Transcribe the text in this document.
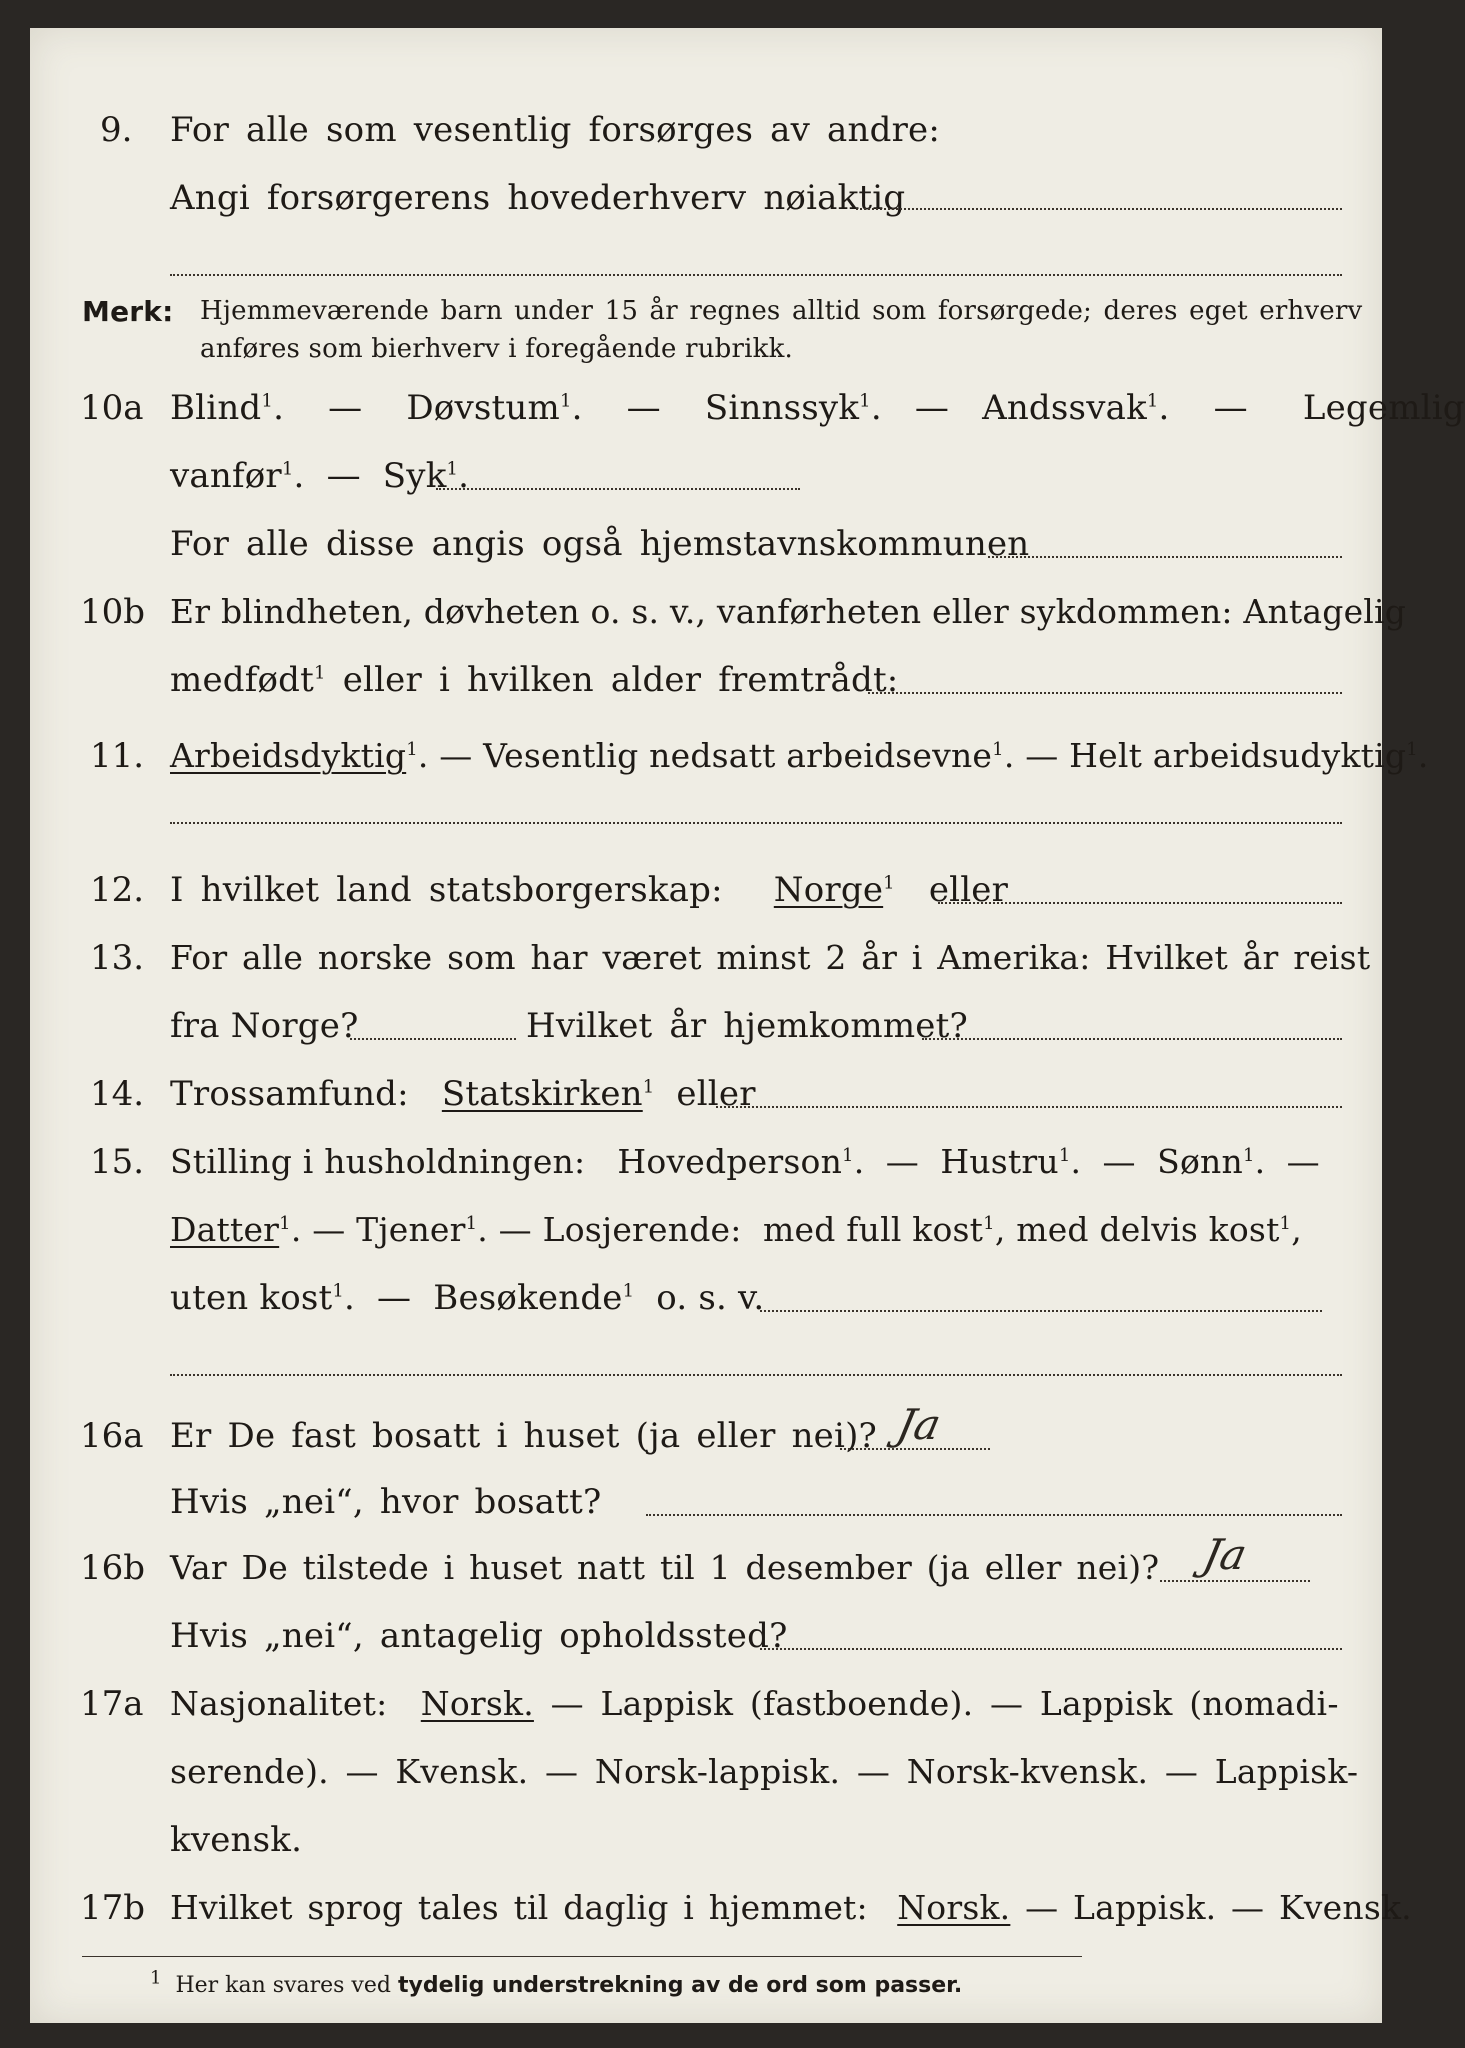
9. For alle som vesentlig forsørges av andre:
Angi forsørgerens hovederhverv nøiaktig
Merk: Hjemmeværende barn under 15 år regnes alltid som forsørgede; deres eget erhverv
anføres som bierhverv i foregående rubrikk.
10a Blind$^1$.    —    Døvstum$^1$.    —    Sinnssyk$^1$.   —   Andssvak$^1$.    —     Legemlig
vanfør$^1$.  —  Syk$^1$.
For alle disse angis også hjemstavnskommunen
10b Er blindheten, døvheten o. s. v., vanførheten eller sykdommen: Antagelig
medfødt$^1$ eller i hvilken alder fremtrådt:
11. Arbeidsdyktig$^1$. — Vesentlig nedsatt arbeidsevne$^1$. — Helt arbeidsudyktig$^1$.
12. I hvilket land statsborgerskap: Norge$^1$ eller
13. For alle norske som har været minst 2 år i Amerika: Hvilket år reist
fra Norge?	Hvilket år hjemkommet?
14. Trossamfund: Statskirken$^1$ eller
15. Stilling i husholdningen: Hovedperson$^1$.  —  Hustru$^1$.  —  Sønn$^1$.  —
Datter$^1$. — Tjener$^1$. — Losjerende: med full kost$^1$, med delvis kost$^1$,
uten kost$^1$.  —  Besøkende$^1$ o. s. v.
16a Er De fast bosatt i huset (ja eller nei)? Ja
Hvis „nei“, hvor bosatt?
16b Var De tilstede i huset natt til 1 desember (ja eller nei)? Ja
Hvis „nei“, antagelig opholdssted?
17a Nasjonalitet: Norsk. — Lappisk (fastboende). — Lappisk (nomadi-
serende). — Kvensk. — Norsk-lappisk. — Norsk-kvensk. — Lappisk-
kvensk.
17b Hvilket sprog tales til daglig i hjemmet: Norsk. — Lappisk. — Kvensk.
$^1$ Her kan svares ved tydelig understrekning av de ord som passer.
